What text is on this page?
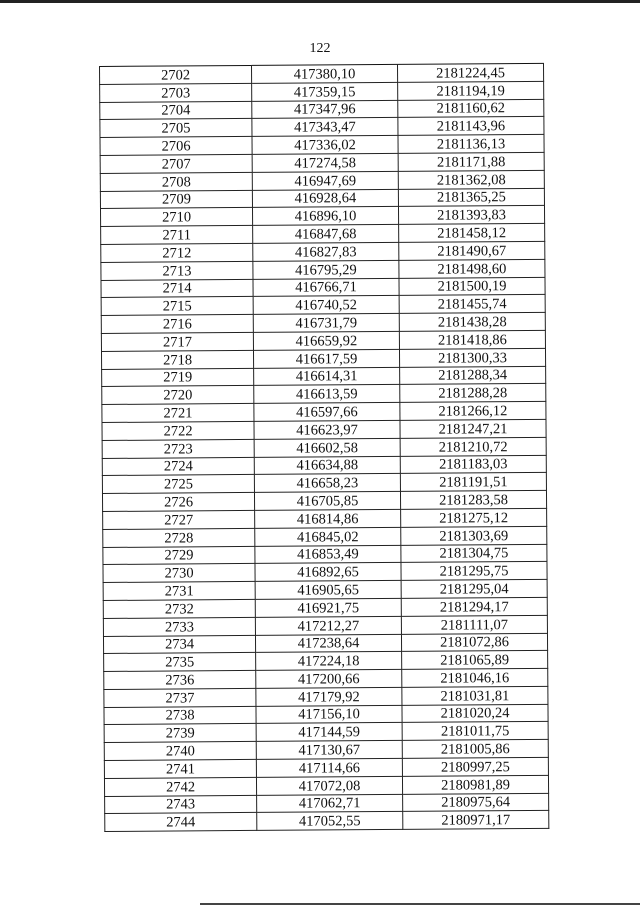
122
2702	417380,10	2181224,45
2703	417359,15	2181194,19
2704	417347,96	2181160,62
2705	417343,47	2181143,96
2706	417336,02	2181136,13
2707	417274,58	2181171,88
2708	416947,69	2181362,08
2709	416928,64	2181365,25
2710	416896,10	2181393,83
2711	416847,68	2181458,12
2712	416827,83	2181490,67
2713	416795,29	2181498,60
2714	416766,71	2181500,19
2715	416740,52	2181455,74
2716	416731,79	2181438,28
2717	416659,92	2181418,86
2718	416617,59	2181300,33
2719	416614,31	2181288,34
2720	416613,59	2181288,28
2721	416597,66	2181266,12
2722	416623,97	2181247,21
2723	416602,58	2181210,72
2724	416634,88	2181183,03
2725	416658,23	2181191,51
2726	416705,85	2181283,58
2727	416814,86	2181275,12
2728	416845,02	2181303,69
2729	416853,49	2181304,75
2730	416892,65	2181295,75
2731	416905,65	2181295,04
2732	416921,75	2181294,17
2733	417212,27	2181111,07
2734	417238,64	2181072,86
2735	417224,18	2181065,89
2736	417200,66	2181046,16
2737	417179,92	2181031,81
2738	417156,10	2181020,24
2739	417144,59	2181011,75
2740	417130,67	2181005,86
2741	417114,66	2180997,25
2742	417072,08	2180981,89
2743	417062,71	2180975,64
2744	417052,55	2180971,17
